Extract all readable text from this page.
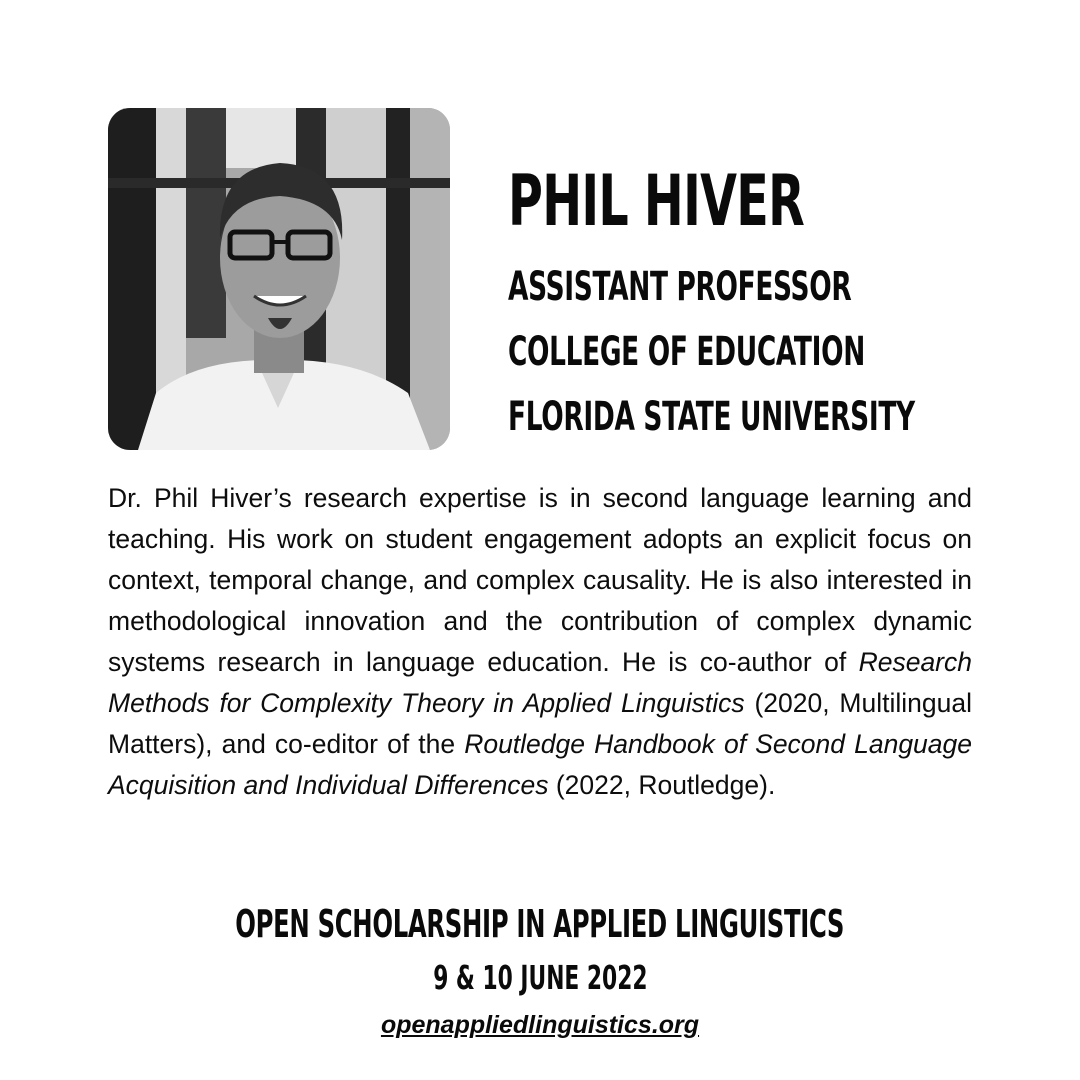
PHIL HIVER
ASSISTANT PROFESSOR
COLLEGE OF EDUCATION
FLORIDA STATE UNIVERSITY

Dr. Phil Hiver’s research expertise is in second language learning and teaching. His work on student engagement adopts an explicit focus on context, temporal change, and complex causality. He is also interested in methodological innovation and the contribution of complex dynamic systems research in language education. He is co-author of Research Methods for Complexity Theory in Applied Linguistics (2020, Multilingual Matters), and co-editor of the Routledge Handbook of Second Language Acquisition and Individual Differences (2022, Routledge).

OPEN SCHOLARSHIP IN APPLIED LINGUISTICS
9 & 10 JUNE 2022
openappliedlinguistics.org
